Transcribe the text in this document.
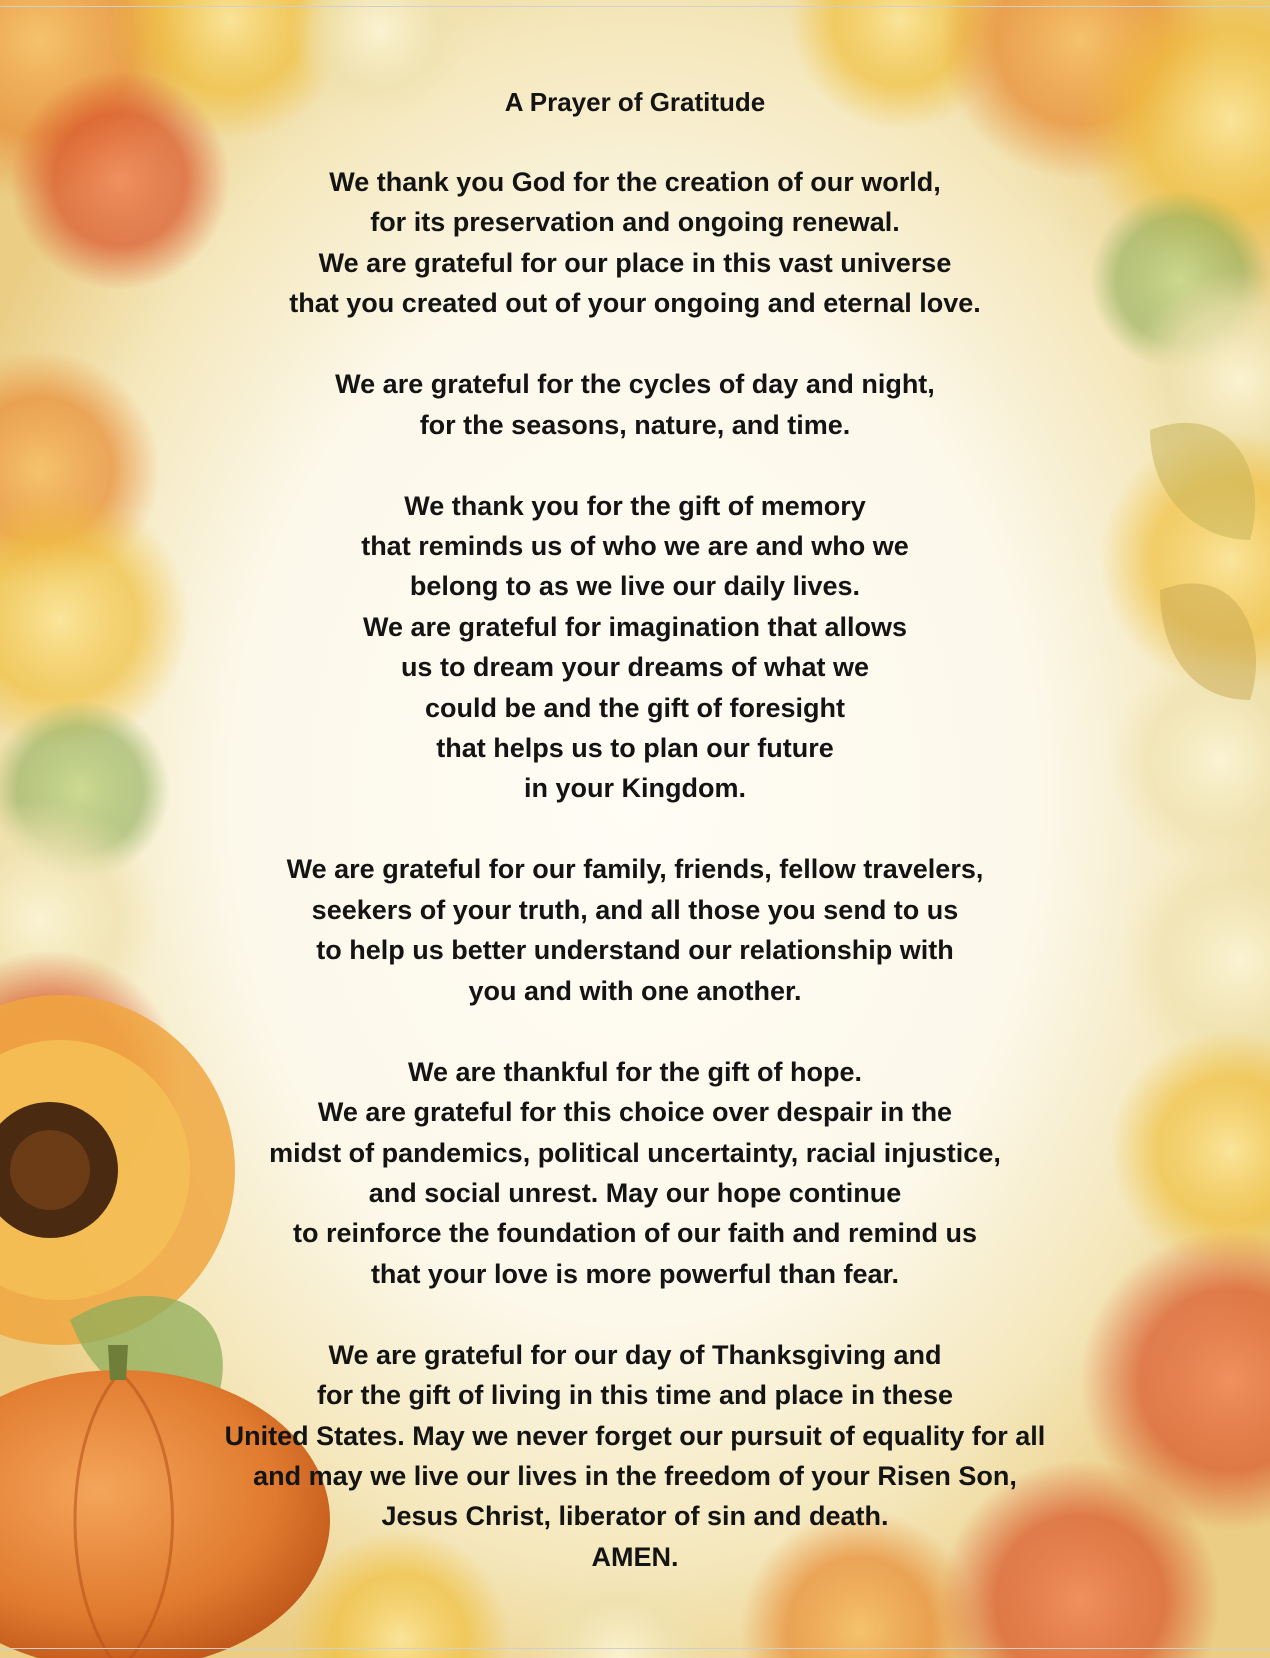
A Prayer of Gratitude
We thank you God for the creation of our world,
for its preservation and ongoing renewal.
We are grateful for our place in this vast universe
that you created out of your ongoing and eternal love.
We are grateful for the cycles of day and night,
for the seasons, nature, and time.
We thank you for the gift of memory
that reminds us of who we are and who we
belong to as we live our daily lives.
We are grateful for imagination that allows
us to dream your dreams of what we
could be and the gift of foresight
that helps us to plan our future
in your Kingdom.
We are grateful for our family, friends, fellow travelers,
seekers of your truth, and all those you send to us
to help us better understand our relationship with
you and with one another.
We are thankful for the gift of hope.
We are grateful for this choice over despair in the
midst of pandemics, political uncertainty, racial injustice,
and social unrest. May our hope continue
to reinforce the foundation of our faith and remind us
that your love is more powerful than fear.
We are grateful for our day of Thanksgiving and
for the gift of living in this time and place in these
United States. May we never forget our pursuit of equality for all
and may we live our lives in the freedom of your Risen Son,
Jesus Christ, liberator of sin and death.
AMEN.
